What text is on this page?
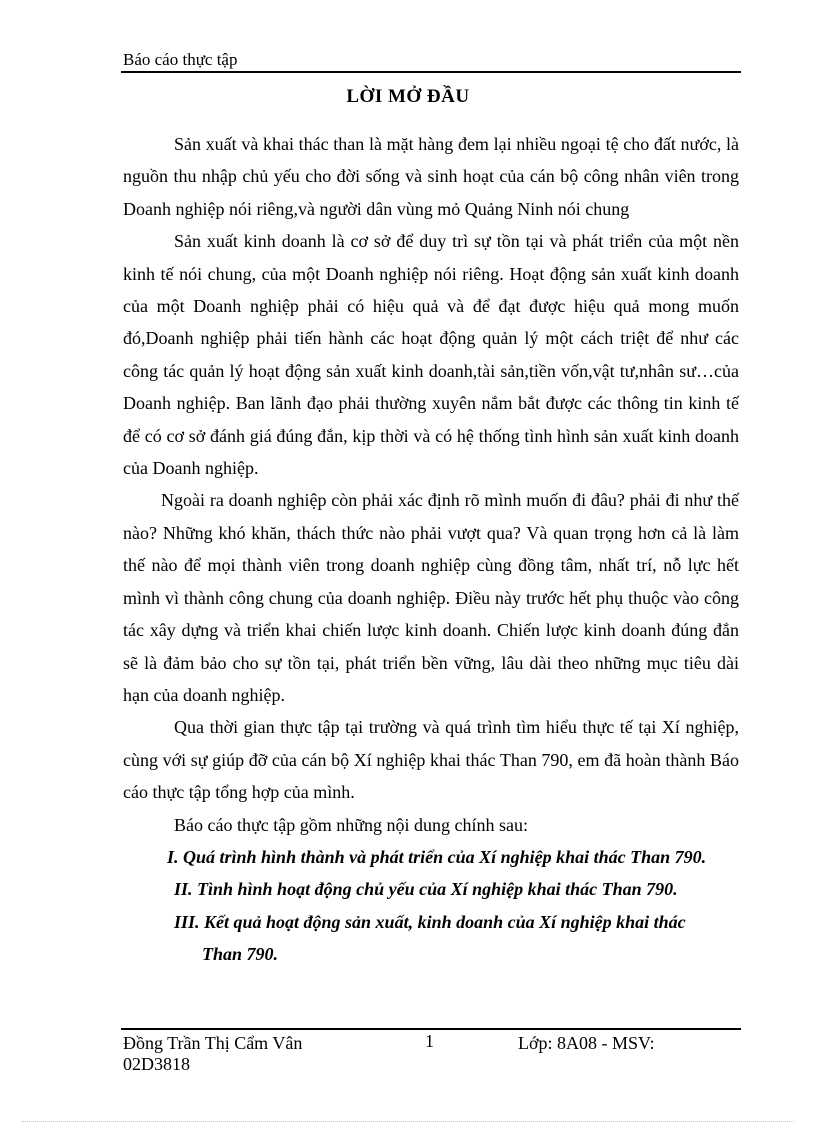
Báo cáo thực tập
LỜI MỞ ĐẦU

Sản xuất và khai thác than là mặt hàng đem lại nhiều ngoại tệ cho đất nước, là nguồn thu nhập chủ yếu cho đời sống và sinh hoạt của cán bộ công nhân viên trong Doanh nghiệp nói riêng,và người dân vùng mỏ Quảng Ninh nói chung

Sản xuất kinh doanh là cơ sở để duy trì sự tồn tại và phát triển của một nền kinh tế nói chung, của một Doanh nghiệp nói riêng. Hoạt động sản xuất kinh doanh của một Doanh nghiệp phải có hiệu quả và để đạt được hiệu quả mong muốn đó,Doanh nghiệp phải tiến hành các hoạt động quản lý một cách triệt để như các công tác quản lý hoạt động sản xuất kinh doanh,tài sản,tiền vốn,vật tư,nhân sư…của Doanh nghiệp. Ban lãnh đạo phải thường xuyên nắm bắt được các thông tin kinh tế để có cơ sở đánh giá đúng đắn, kịp thời và có hệ thống tình hình sản xuất kinh doanh của Doanh nghiệp.

Ngoài ra doanh nghiệp còn phải xác định rõ mình muốn đi đâu? phải đi như thế nào? Những khó khăn, thách thức nào phải vượt qua? Và quan trọng hơn cả là làm thế nào để mọi thành viên trong doanh nghiệp cùng đồng tâm, nhất trí, nỗ lực hết mình vì thành công chung của doanh nghiệp. Điều này trước hết phụ thuộc vào công tác xây dựng và triển khai chiến lược kinh doanh. Chiến lược kinh doanh đúng đắn sẽ là đảm bảo cho sự tồn tại, phát triển bền vững, lâu dài theo những mục tiêu dài hạn của doanh nghiệp.

Qua thời gian thực tập tại trường và quá trình tìm hiểu thực tế tại Xí nghiệp, cùng với sự giúp đỡ của cán bộ Xí nghiệp khai thác Than 790, em đã hoàn thành Báo cáo thực tập tổng hợp của mình.

Báo cáo thực tập gồm những nội dung chính sau:

I. Quá trình hình thành và phát triển của Xí nghiệp khai thác Than 790.
II. Tình hình hoạt động chủ yếu của Xí nghiệp khai thác Than 790.
III. Kết quả hoạt động sản xuất, kinh doanh của Xí nghiệp khai thác
Than 790.
Đồng Trần Thị Cẩm Vân
02D3818
1	Lớp: 8A08 - MSV:
